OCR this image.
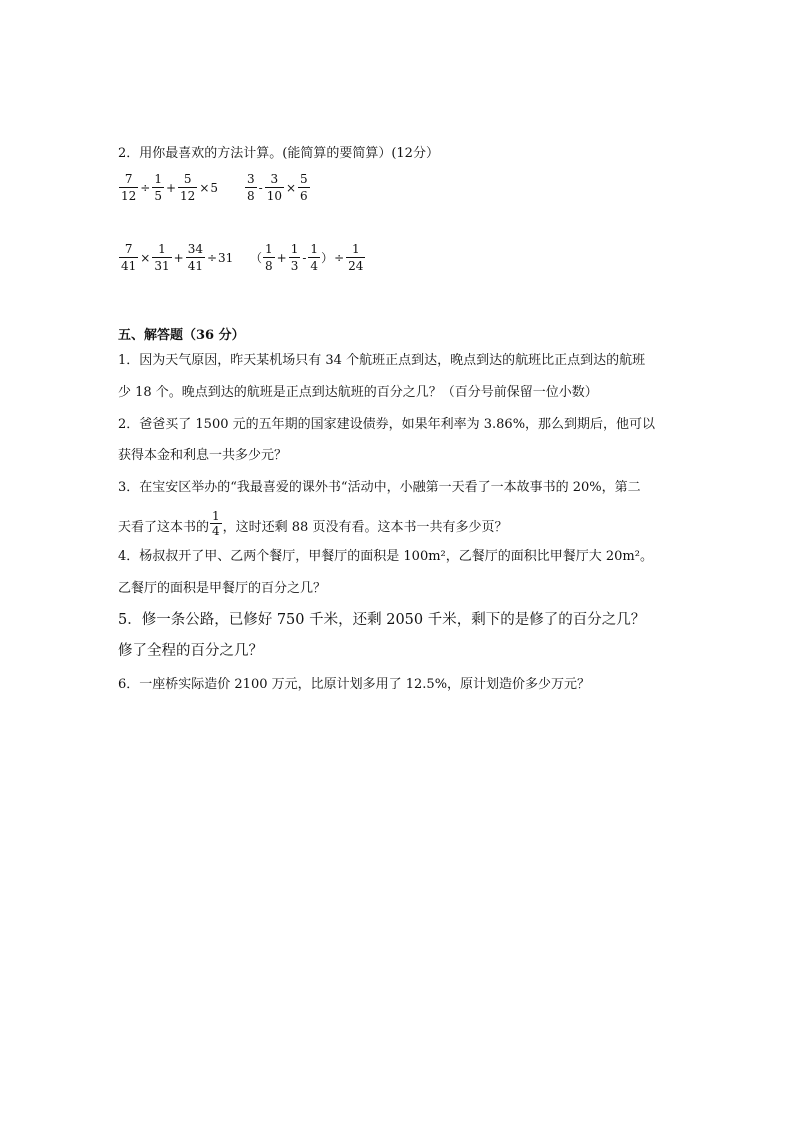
2．用你最喜欢的方法计算。(能简算的要简算）(12分）
$\frac{7}{12} \div \frac{1}{5} + \frac{5}{12} \times 5 \frac{3}{8} - \frac{3}{10} \times \frac{5}{6}$
$\frac{7}{41} \times \frac{1}{31} + \frac{34}{41} \div 31$ （ $\frac{1}{8} + \frac{1}{3} - \frac{1}{4}$ ） ÷ $\frac{1}{24}$
五、解答题（36 分）
1．因为天气原因，昨天某机场只有 34 个航班正点到达，晚点到达的航班比正点到达的航班
少 18 个。晚点到达的航班是正点到达航班的百分之几？（百分号前保留一位小数）
2．爸爸买了 1500 元的五年期的国家建设债券，如果年利率为 3.86%，那么到期后，他可以
获得本金和利息一共多少元？
3．在宝安区举办的“我最喜爱的课外书“活动中，小融第一天看了一本故事书的 20%，第二
天看了这本书的 $\frac{1}{4}$ ，这时还剩 88 页没有看。这本书一共有多少页？
4．杨叔叔开了甲、乙两个餐厅，甲餐厅的面积是 100m²，乙餐厅的面积比甲餐厅大 20m²。
乙餐厅的面积是甲餐厅的百分之几？
5．修一条公路，已修好 750 千米，还剩 2050 千米，剩下的是修了的百分之几？
修了全程的百分之几？
6．一座桥实际造价 2100 万元，比原计划多用了 12.5%，原计划造价多少万元？
